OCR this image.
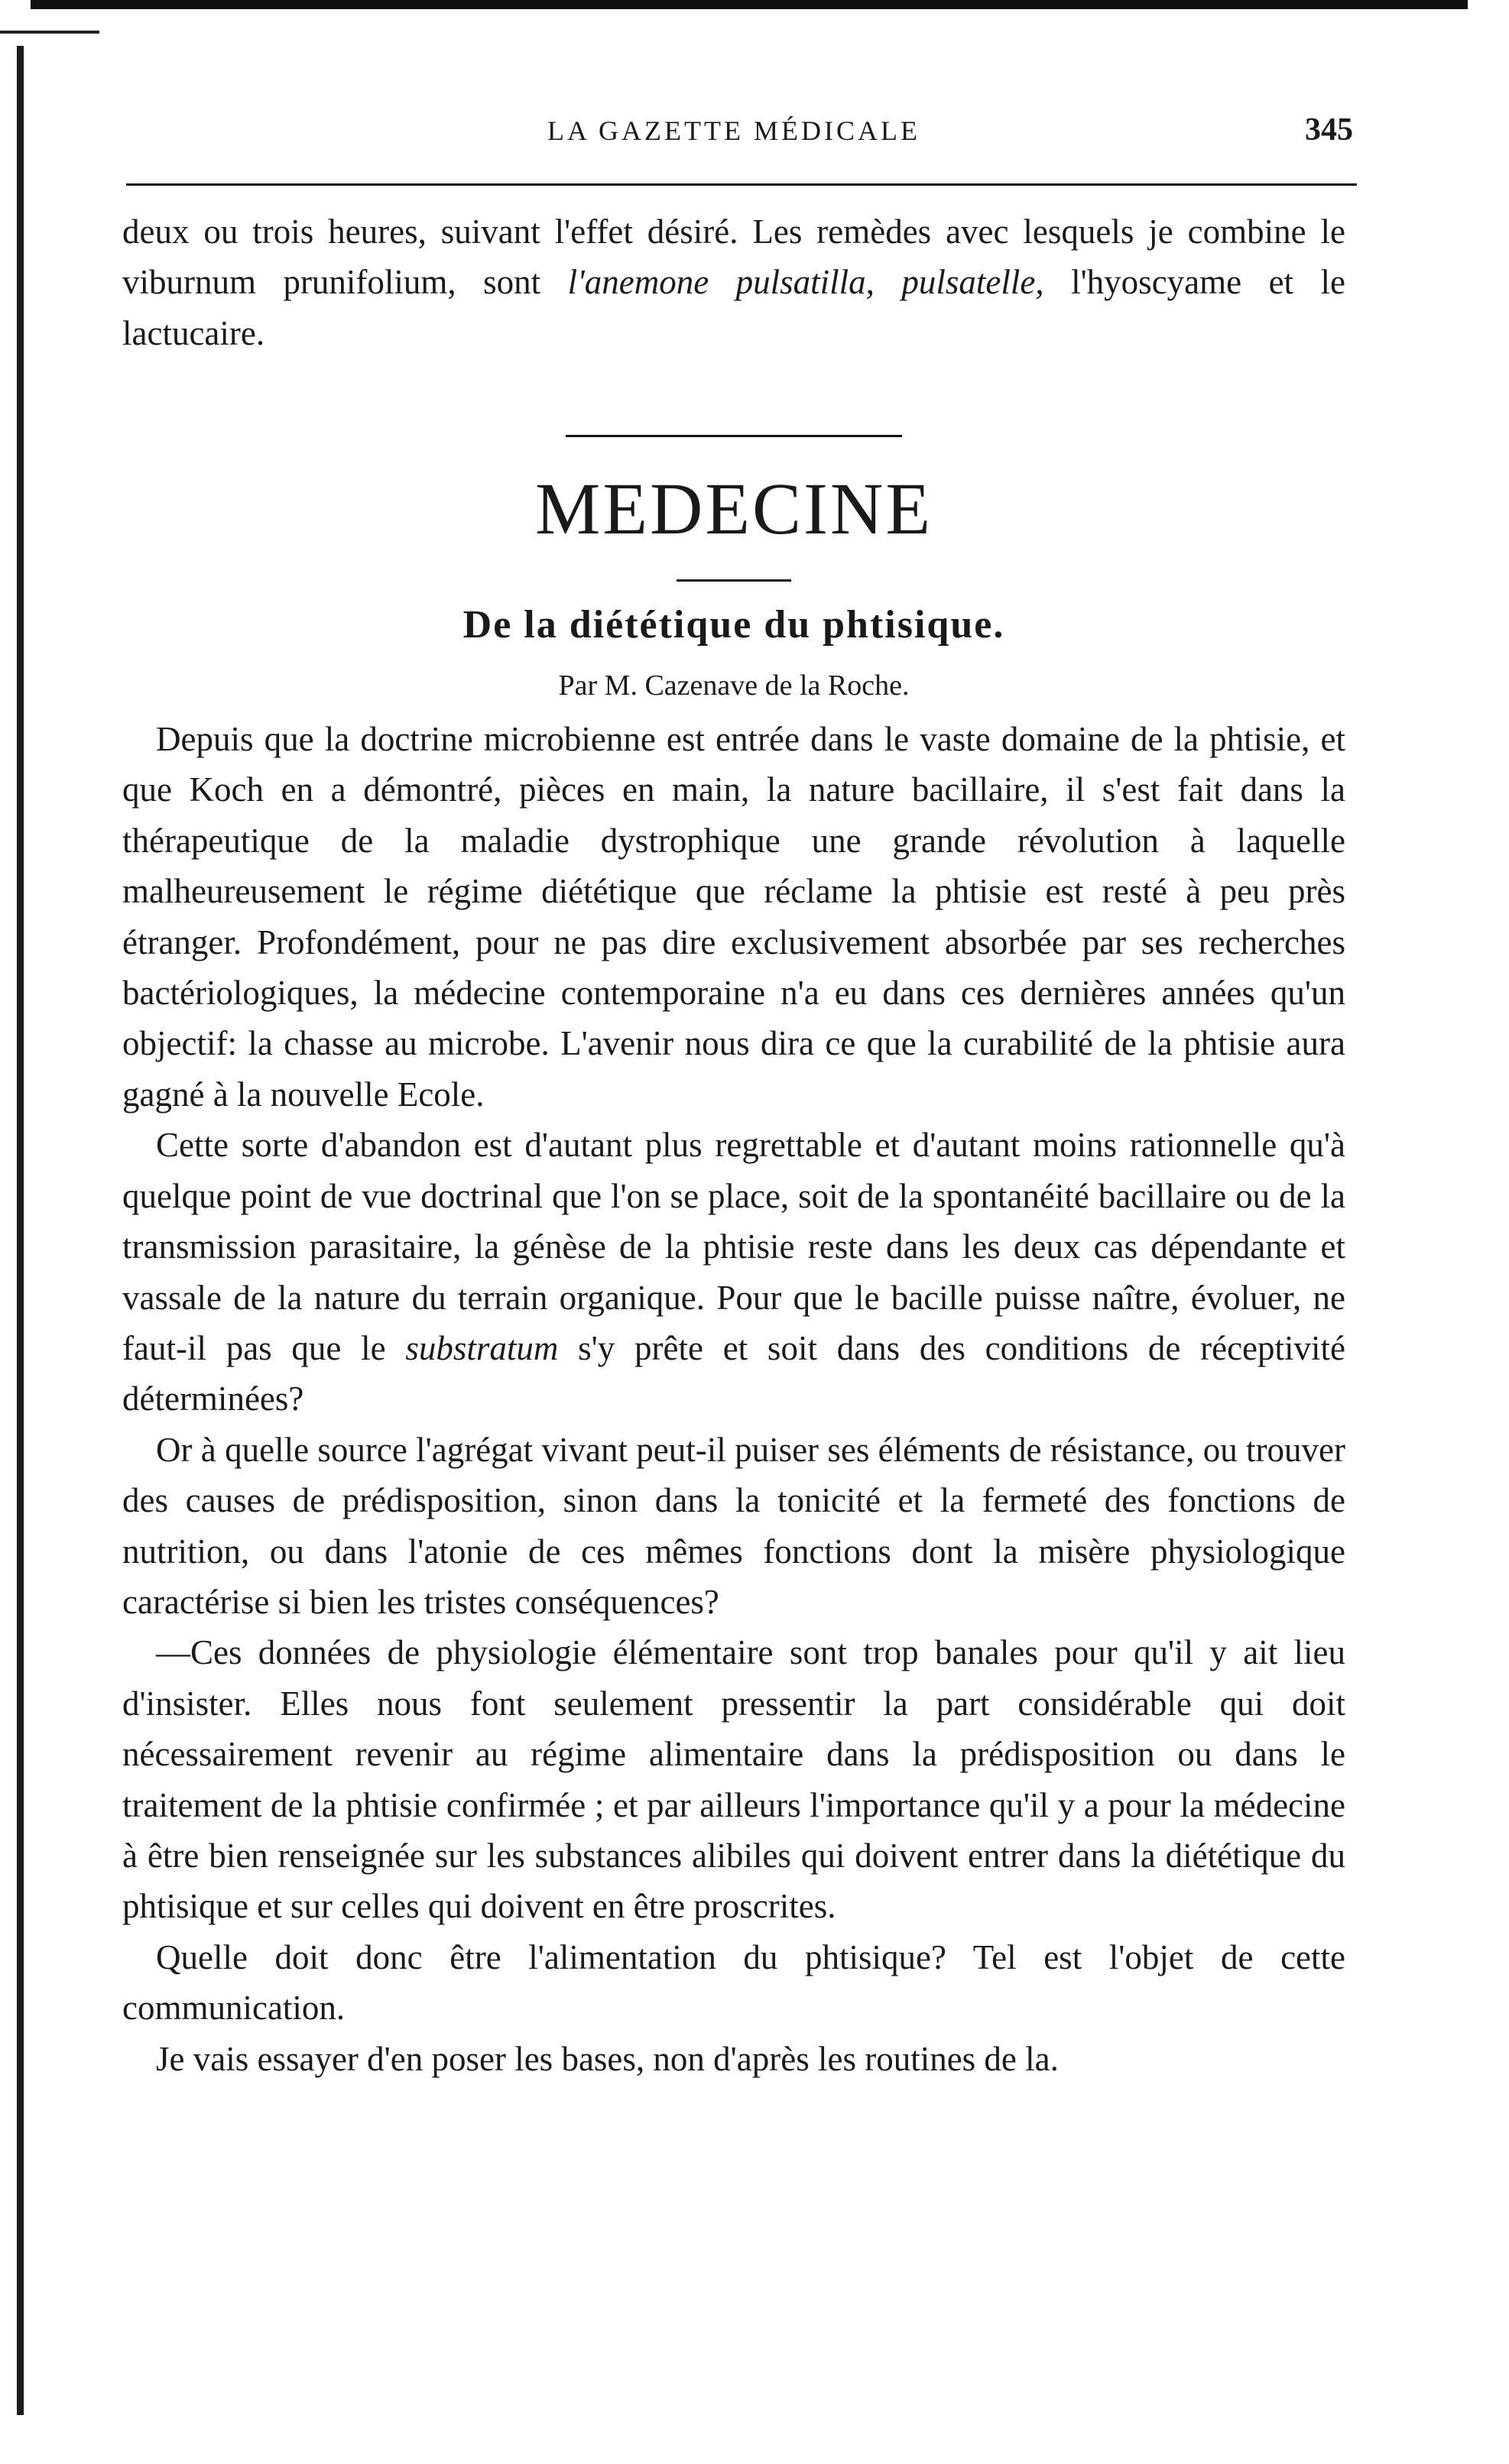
LA GAZETTE MÉDICALE	345

deux ou trois heures, suivant l'effet désiré. Les remèdes avec lesquels je combine le viburnum prunifolium, sont l'anemone pulsatilla, pulsatelle, l'hyoscyame et le lactucaire.

MEDECINE
De la diététique du phtisique.
Par M. Cazenave de la Roche.

Depuis que la doctrine microbienne est entrée dans le vaste domaine de la phtisie, et que Koch en a démontré, pièces en main, la nature bacillaire, il s'est fait dans la thérapeutique de la maladie dystrophique une grande révolution à laquelle malheureusement le régime diététique que réclame la phtisie est resté à peu près étranger. Profondément, pour ne pas dire exclusivement absorbée par ses recherches bactériologiques, la médecine contemporaine n'a eu dans ces dernières années qu'un objectif: la chasse au microbe. L'avenir nous dira ce que la curabilité de la phtisie aura gagné à la nouvelle Ecole.

Cette sorte d'abandon est d'autant plus regrettable et d'autant moins rationnelle qu'à quelque point de vue doctrinal que l'on se place, soit de la spontanéité bacillaire ou de la transmission parasitaire, la génèse de la phtisie reste dans les deux cas dépendante et vassale de la nature du terrain organique. Pour que le bacille puisse naître, évoluer, ne faut-il pas que le substratum s'y prête et soit dans des conditions de réceptivité déterminées?

Or à quelle source l'agrégat vivant peut-il puiser ses éléments de résistance, ou trouver des causes de prédisposition, sinon dans la tonicité et la fermeté des fonctions de nutrition, ou dans l'atonie de ces mêmes fonctions dont la misère physiologique caractérise si bien les tristes conséquences?

—Ces données de physiologie élémentaire sont trop banales pour qu'il y ait lieu d'insister. Elles nous font seulement pressentir la part considérable qui doit nécessairement revenir au régime alimentaire dans la prédisposition ou dans le traitement de la phtisie confirmée ; et par ailleurs l'importance qu'il y a pour la médecine à être bien renseignée sur les substances alibiles qui doivent entrer dans la diététique du phtisique et sur celles qui doivent en être proscrites.

Quelle doit donc être l'alimentation du phtisique? Tel est l'objet de cette communication.

Je vais essayer d'en poser les bases, non d'après les routines de la.
